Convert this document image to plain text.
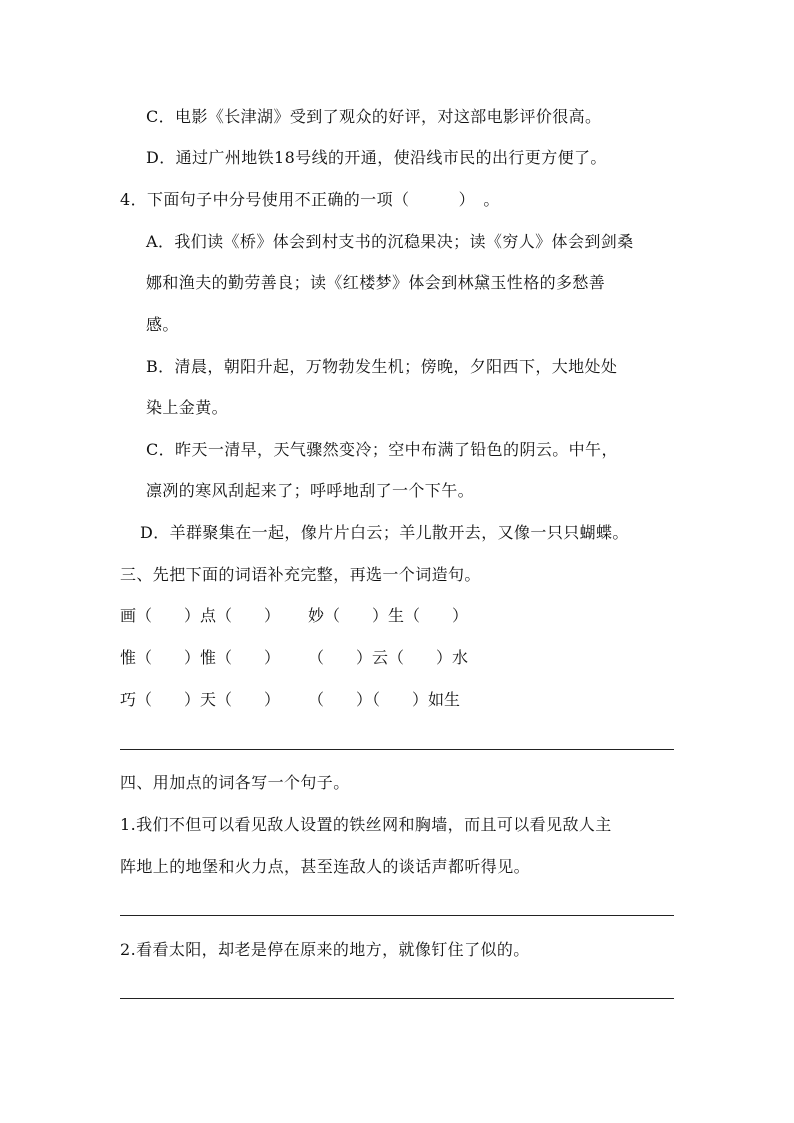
C．电影《长津湖》受到了观众的好评，对这部电影评价很高。
D．通过广州地铁18号线的开通，使沿线市民的出行更方便了。
4．下面句子中分号使用不正确的一项（　　　）　。
A．我们读《桥》体会到村支书的沉稳果决；读《穷人》体会到剑桑
娜和渔夫的勤劳善良；读《红楼梦》体会到林黛玉性格的多愁善
感。
B．清晨，朝阳升起，万物勃发生机；傍晚，夕阳西下，大地处处
染上金黄。
C．昨天一清早，天气骤然变冷；空中布满了铅色的阴云。中午，
凛冽的寒风刮起来了；呼呼地刮了一个下午。
D．羊群聚集在一起，像片片白云；羊儿散开去，又像一只只蝴蝶。
三、先把下面的词语补充完整，再选一个词造句。
画（　　）点（　　） 妙（　　）生（　　）
惟（　　）惟（　　） （　　）云（　　）水
巧（　　）天（　　） （　　）（　　）如生
四、用加点的词各写一个句子。
1.我们不但可以看见敌人设置的铁丝网和胸墙，而且可以看见敌人主
阵地上的地堡和火力点，甚至连敌人的谈话声都听得见。
2.看看太阳，却老是停在原来的地方，就像钉住了似的。
